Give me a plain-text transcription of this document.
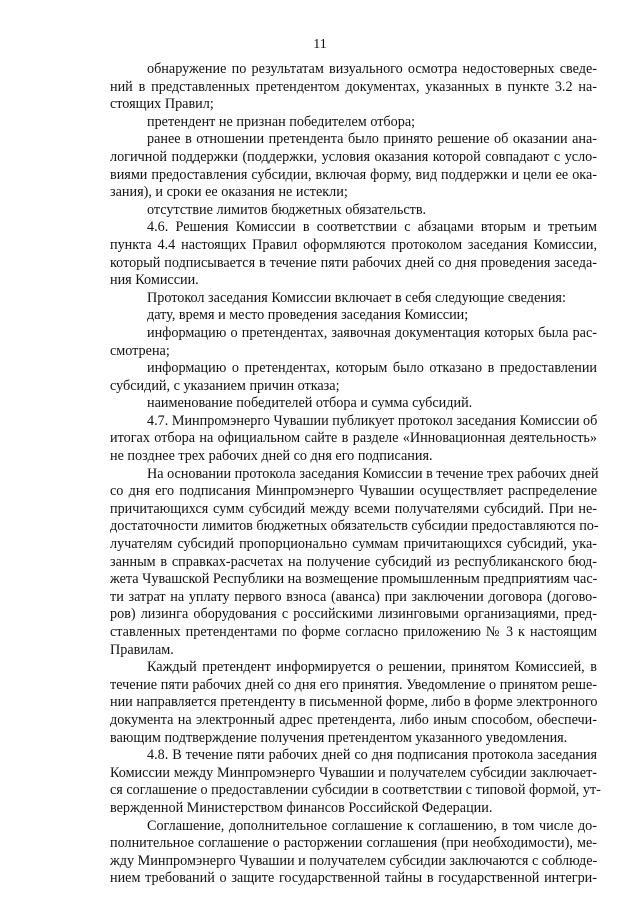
11
обнаружение по результатам визуального осмотра недостоверных сведе-
ний в представленных претендентом документах, указанных в пункте 3.2 на-
стоящих Правил;
претендент не признан победителем отбора;
ранее в отношении претендента было принято решение об оказании ана-
логичной поддержки (поддержки, условия оказания которой совпадают с усло-
виями предоставления субсидии, включая форму, вид поддержки и цели ее ока-
зания), и сроки ее оказания не истекли;
отсутствие лимитов бюджетных обязательств.
4.6. Решения Комиссии в соответствии с абзацами вторым и третьим
пункта 4.4 настоящих Правил оформляются протоколом заседания Комиссии,
который подписывается в течение пяти рабочих дней со дня проведения заседа-
ния Комиссии.
Протокол заседания Комиссии включает в себя следующие сведения:
дату, время и место проведения заседания Комиссии;
информацию о претендентах, заявочная документация которых была рас-
смотрена;
информацию о претендентах, которым было отказано в предоставлении
субсидий, с указанием причин отказа;
наименование победителей отбора и сумма субсидий.
4.7. Минпромэнерго Чувашии публикует протокол заседания Комиссии об
итогах отбора на официальном сайте в разделе «Инновационная деятельность»
не позднее трех рабочих дней со дня его подписания.
На основании протокола заседания Комиссии в течение трех рабочих дней
со дня его подписания Минпромэнерго Чувашии осуществляет распределение
причитающихся сумм субсидий между всеми получателями субсидий. При не-
достаточности лимитов бюджетных обязательств субсидии предоставляются по-
лучателям субсидий пропорционально суммам причитающихся субсидий, ука-
занным в справках-расчетах на получение субсидий из республиканского бюд-
жета Чувашской Республики на возмещение промышленным предприятиям час-
ти затрат на уплату первого взноса (аванса) при заключении договора (догово-
ров) лизинга оборудования с российскими лизинговыми организациями, пред-
ставленных претендентами по форме согласно приложению № 3 к настоящим
Правилам.
Каждый претендент информируется о решении, принятом Комиссией, в
течение пяти рабочих дней со дня его принятия. Уведомление о принятом реше-
нии направляется претенденту в письменной форме, либо в форме электронного
документа на электронный адрес претендента, либо иным способом, обеспечи-
вающим подтверждение получения претендентом указанного уведомления.
4.8. В течение пяти рабочих дней со дня подписания протокола заседания
Комиссии между Минпромэнерго Чувашии и получателем субсидии заключает-
ся соглашение о предоставлении субсидии в соответствии с типовой формой, ут-
вержденной Министерством финансов Российской Федерации.
Соглашение, дополнительное соглашение к соглашению, в том числе до-
полнительное соглашение о расторжении соглашения (при необходимости), ме-
жду Минпромэнерго Чувашии и получателем субсидии заключаются с соблюде-
нием требований о защите государственной тайны в государственной интегри-
